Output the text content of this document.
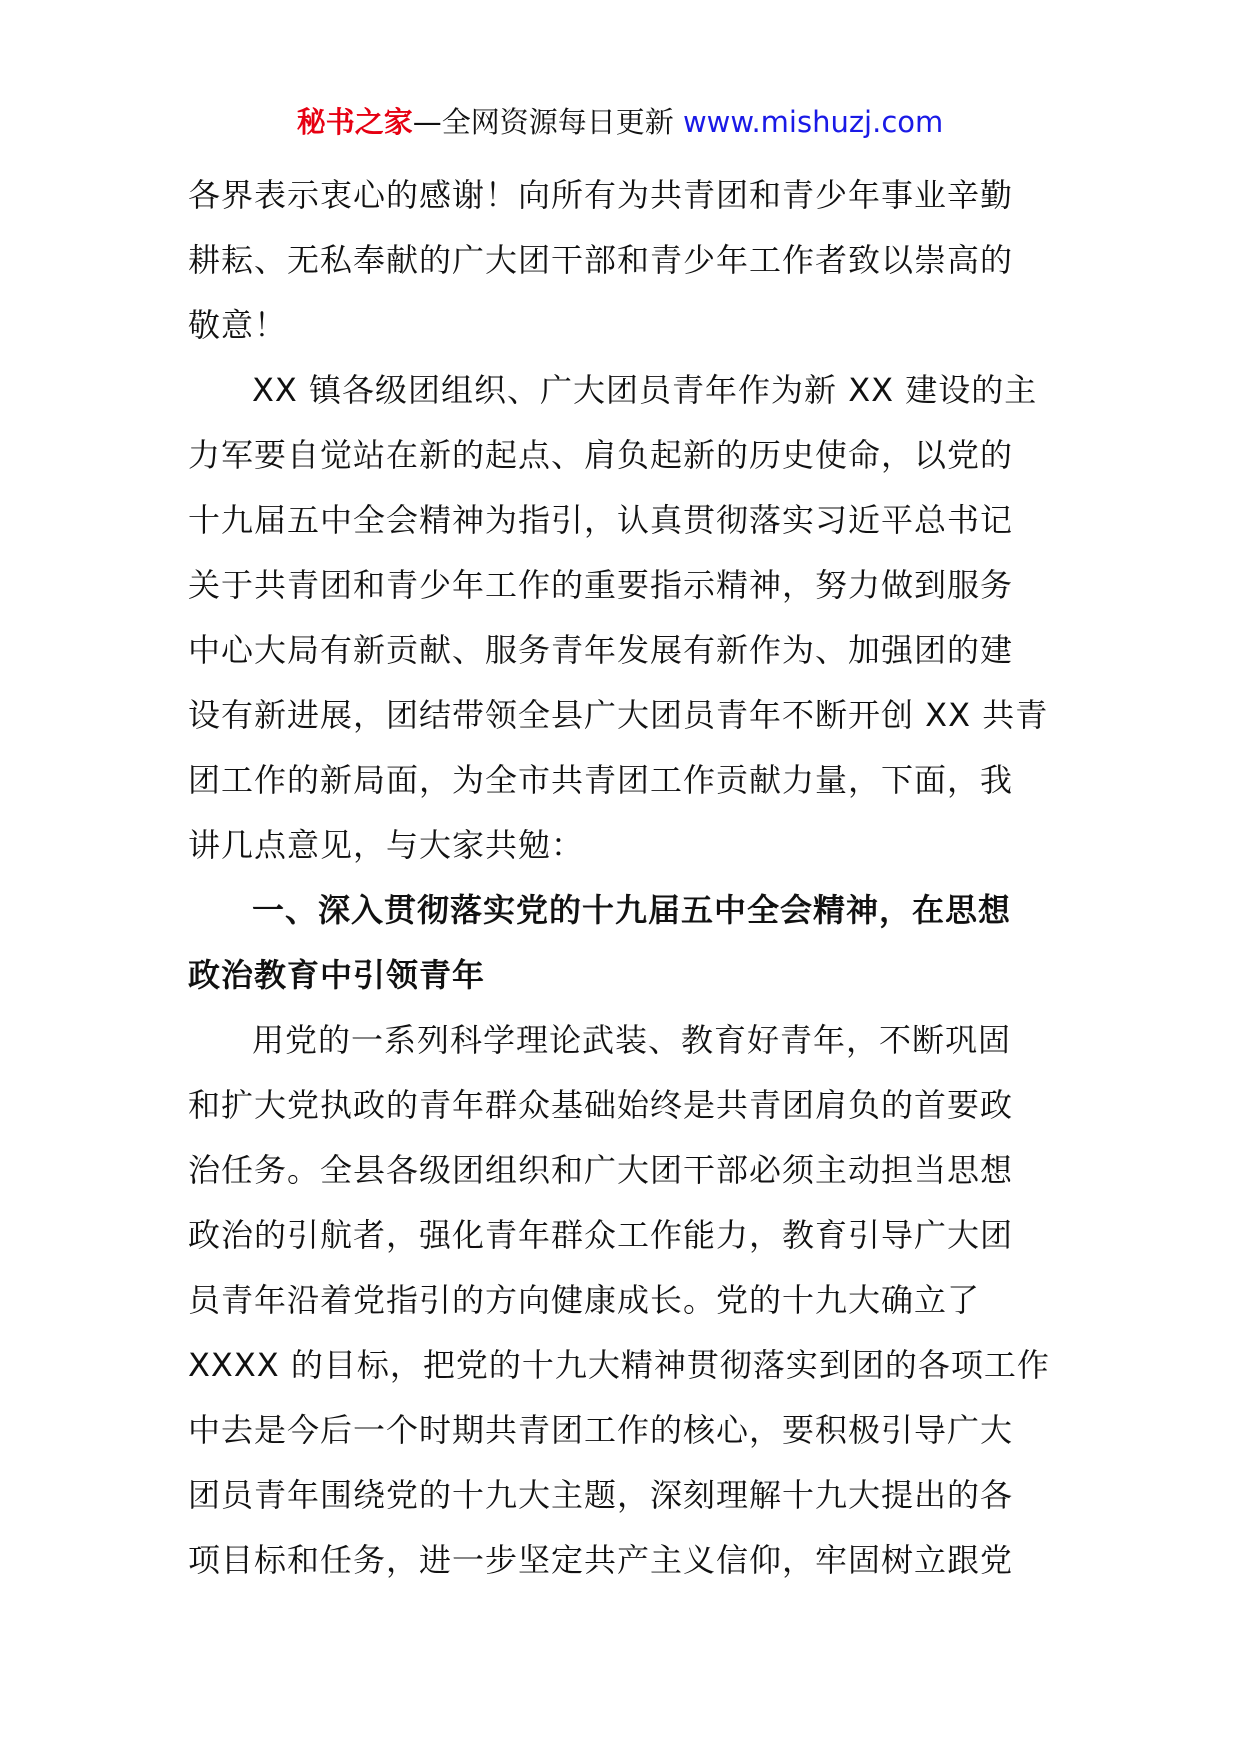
秘书之家—全网资源每日更新 www.mishuzj.com
各界表示衷心的感谢！向所有为共青团和青少年事业辛勤
耕耘、无私奉献的广大团干部和青少年工作者致以崇高的
敬意！
XX 镇各级团组织、广大团员青年作为新 XX 建设的主
力军要自觉站在新的起点、肩负起新的历史使命，以党的
十九届五中全会精神为指引，认真贯彻落实习近平总书记
关于共青团和青少年工作的重要指示精神，努力做到服务
中心大局有新贡献、服务青年发展有新作为、加强团的建
设有新进展，团结带领全县广大团员青年不断开创 XX 共青
团工作的新局面，为全市共青团工作贡献力量，下面，我
讲几点意见，与大家共勉：
一、深入贯彻落实党的十九届五中全会精神，在思想
政治教育中引领青年
用党的一系列科学理论武装、教育好青年，不断巩固
和扩大党执政的青年群众基础始终是共青团肩负的首要政
治任务。全县各级团组织和广大团干部必须主动担当思想
政治的引航者，强化青年群众工作能力，教育引导广大团
员青年沿着党指引的方向健康成长。党的十九大确立了
XXXX 的目标，把党的十九大精神贯彻落实到团的各项工作
中去是今后一个时期共青团工作的核心，要积极引导广大
团员青年围绕党的十九大主题，深刻理解十九大提出的各
项目标和任务，进一步坚定共产主义信仰，牢固树立跟党
